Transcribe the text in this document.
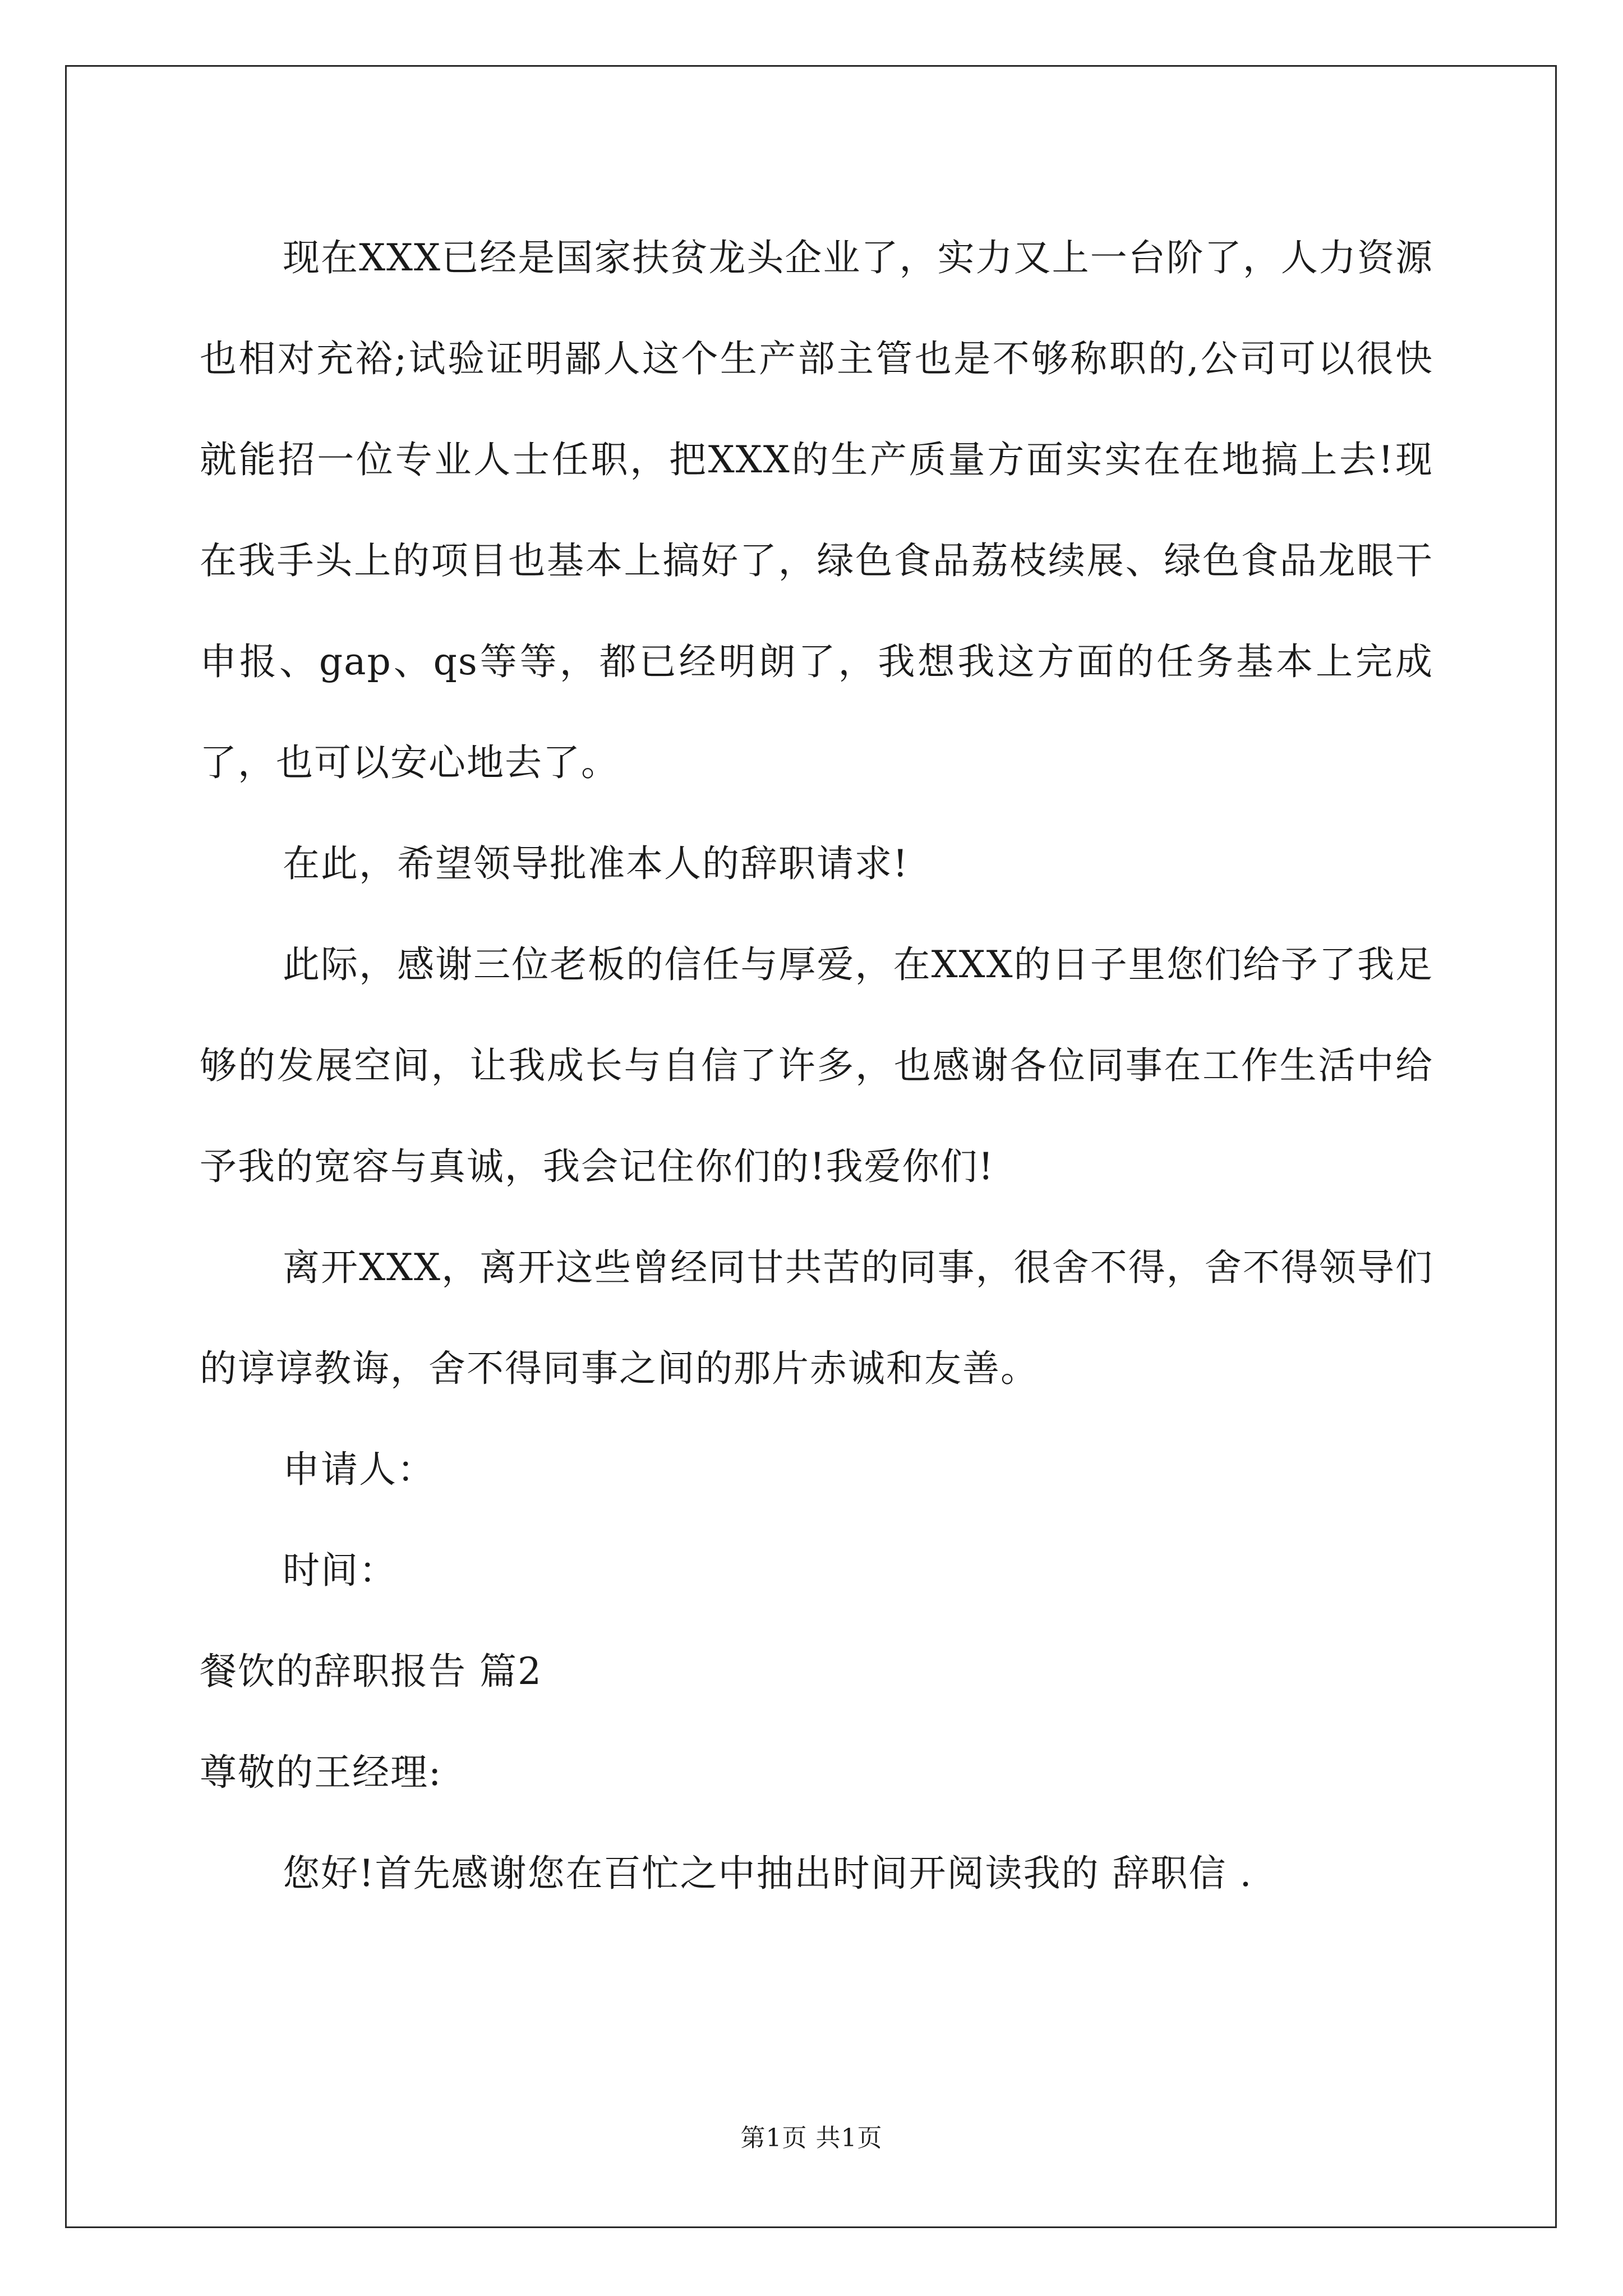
现在XXX已经是国家扶贫龙头企业了，实力又上一台阶了，人力资源也相对充裕;试验证明鄙人这个生产部主管也是不够称职的,公司可以很快就能招一位专业人士任职，把XXX的生产质量方面实实在在地搞上去!现在我手头上的项目也基本上搞好了，绿色食品荔枝续展、绿色食品龙眼干申报、gap、qs等等，都已经明朗了，我想我这方面的任务基本上完成了，也可以安心地去了。

在此，希望领导批准本人的辞职请求!

此际，感谢三位老板的信任与厚爱，在XXX的日子里您们给予了我足够的发展空间，让我成长与自信了许多，也感谢各位同事在工作生活中给予我的宽容与真诚，我会记住你们的!我爱你们!

离开XXX，离开这些曾经同甘共苦的同事，很舍不得，舍不得领导们的谆谆教诲，舍不得同事之间的那片赤诚和友善。

申请人：

时间：

餐饮的辞职报告 篇2

尊敬的王经理:

您好!首先感谢您在百忙之中抽出时间开阅读我的 辞职信 .

第1页 共1页
